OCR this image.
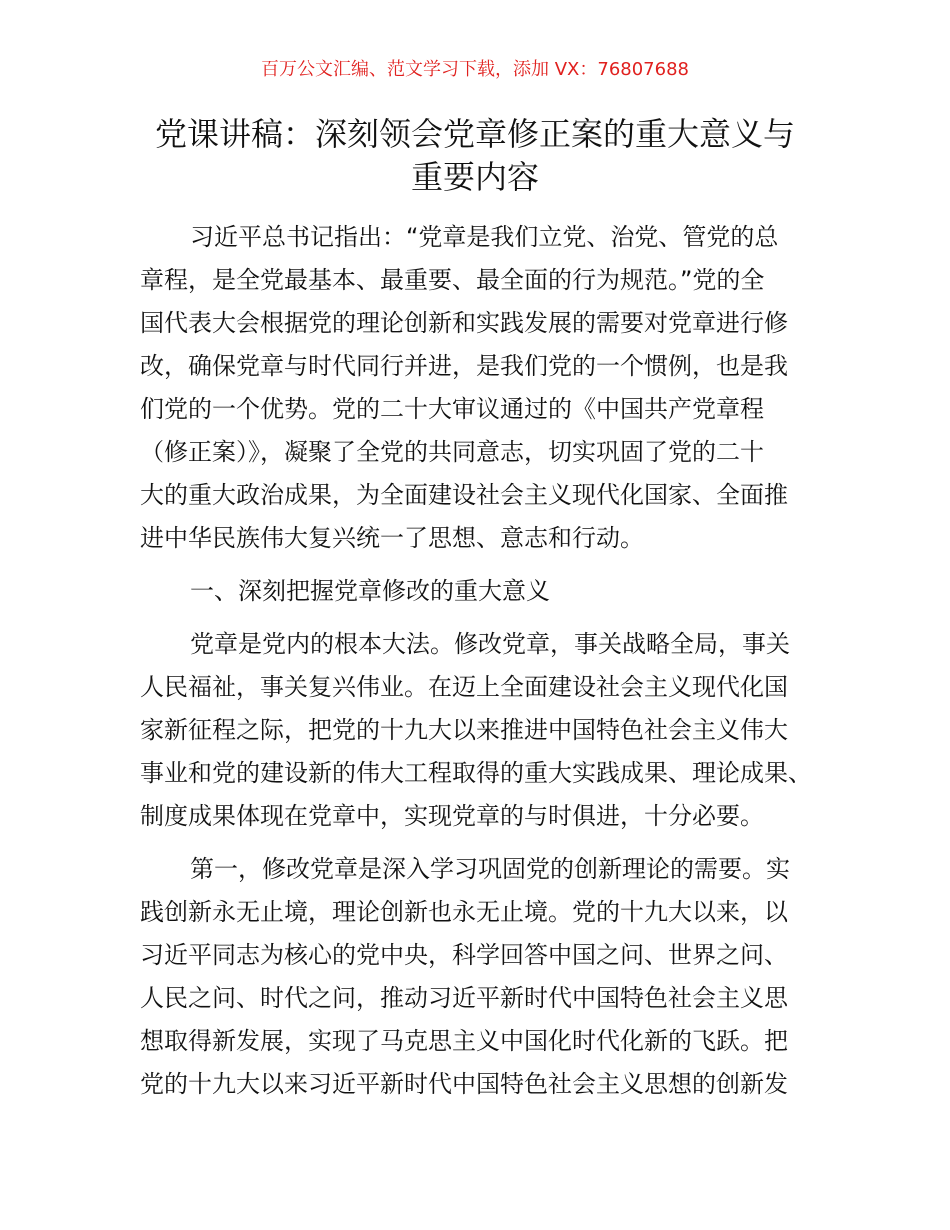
百万公文汇编、范文学习下载，添加 VX：76807688
党课讲稿：深刻领会党章修正案的重大意义与
重要内容
习近平总书记指出：“党章是我们立党、治党、管党的总
章程，是全党最基本、最重要、最全面的行为规范。”党的全
国代表大会根据党的理论创新和实践发展的需要对党章进行修
改，确保党章与时代同行并进，是我们党的一个惯例，也是我
们党的一个优势。党的二十大审议通过的《中国共产党章程
（修正案）》，凝聚了全党的共同意志，切实巩固了党的二十
大的重大政治成果，为全面建设社会主义现代化国家、全面推
进中华民族伟大复兴统一了思想、意志和行动。
一、深刻把握党章修改的重大意义
党章是党内的根本大法。修改党章，事关战略全局，事关
人民福祉，事关复兴伟业。在迈上全面建设社会主义现代化国
家新征程之际，把党的十九大以来推进中国特色社会主义伟大
事业和党的建设新的伟大工程取得的重大实践成果、理论成果、
制度成果体现在党章中，实现党章的与时俱进，十分必要。
第一，修改党章是深入学习巩固党的创新理论的需要。实
践创新永无止境，理论创新也永无止境。党的十九大以来，以
习近平同志为核心的党中央，科学回答中国之问、世界之问、
人民之问、时代之问，推动习近平新时代中国特色社会主义思
想取得新发展，实现了马克思主义中国化时代化新的飞跃。把
党的十九大以来习近平新时代中国特色社会主义思想的创新发
